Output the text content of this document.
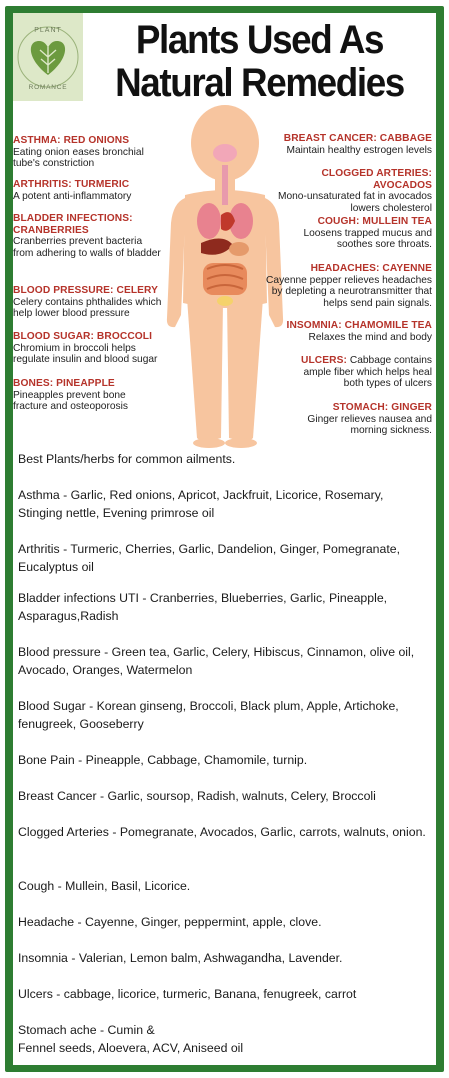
PLANT
ROMANCE
Plants Used As
Natural Remedies
ASTHMA: RED ONIONS
Eating onion eases bronchial tube's constriction
ARTHRITIS: TURMERIC
A potent anti-inflammatory
BLADDER INFECTIONS: CRANBERRIES
Cranberries prevent bacteria from adhering to walls of bladder
BLOOD PRESSURE: CELERY
Celery contains phthalides which help lower blood pressure
BLOOD SUGAR: BROCCOLI
Chromium in broccoli helps regulate insulin and blood sugar
BONES: PINEAPPLE
Pineapples prevent bone fracture and osteoporosis
BREAST CANCER: CABBAGE
Maintain healthy estrogen levels
CLOGGED ARTERIES: AVOCADOS
Mono-unsaturated fat in avocados lowers cholesterol
COUGH: MULLEIN TEA
Loosens trapped mucus and soothes sore throats.
HEADACHES: CAYENNE
Cayenne pepper relieves headaches by depleting a neurotransmitter that helps send pain signals.
INSOMNIA: CHAMOMILE TEA
Relaxes the mind and body
ULCERS: Cabbage contains ample fiber which helps heal both types of ulcers
STOMACH: GINGER
Ginger relieves nausea and morning sickness.
Best Plants/herbs for common ailments.
Asthma - Garlic, Red onions, Apricot, Jackfruit, Licorice, Rosemary, Stinging nettle, Evening primrose oil
Arthritis - Turmeric, Cherries, Garlic, Dandelion, Ginger, Pomegranate, Eucalyptus oil
Bladder infections UTI - Cranberries, Blueberries, Garlic, Pineapple, Asparagus,Radish
Blood pressure - Green tea, Garlic, Celery, Hibiscus, Cinnamon, olive oil, Avocado, Oranges, Watermelon
Blood Sugar - Korean ginseng, Broccoli, Black plum, Apple, Artichoke, fenugreek, Gooseberry
Bone Pain - Pineapple, Cabbage, Chamomile, turnip.
Breast Cancer - Garlic, soursop, Radish, walnuts, Celery, Broccoli
Clogged Arteries - Pomegranate, Avocados, Garlic, carrots, walnuts, onion.
Cough - Mullein, Basil, Licorice.
Headache - Cayenne, Ginger, peppermint, apple, clove.
Insomnia - Valerian, Lemon balm, Ashwagandha, Lavender.
Ulcers - cabbage, licorice, turmeric, Banana, fenugreek, carrot
Stomach ache - Cumin &
Fennel seeds, Aloevera, ACV, Aniseed oil
